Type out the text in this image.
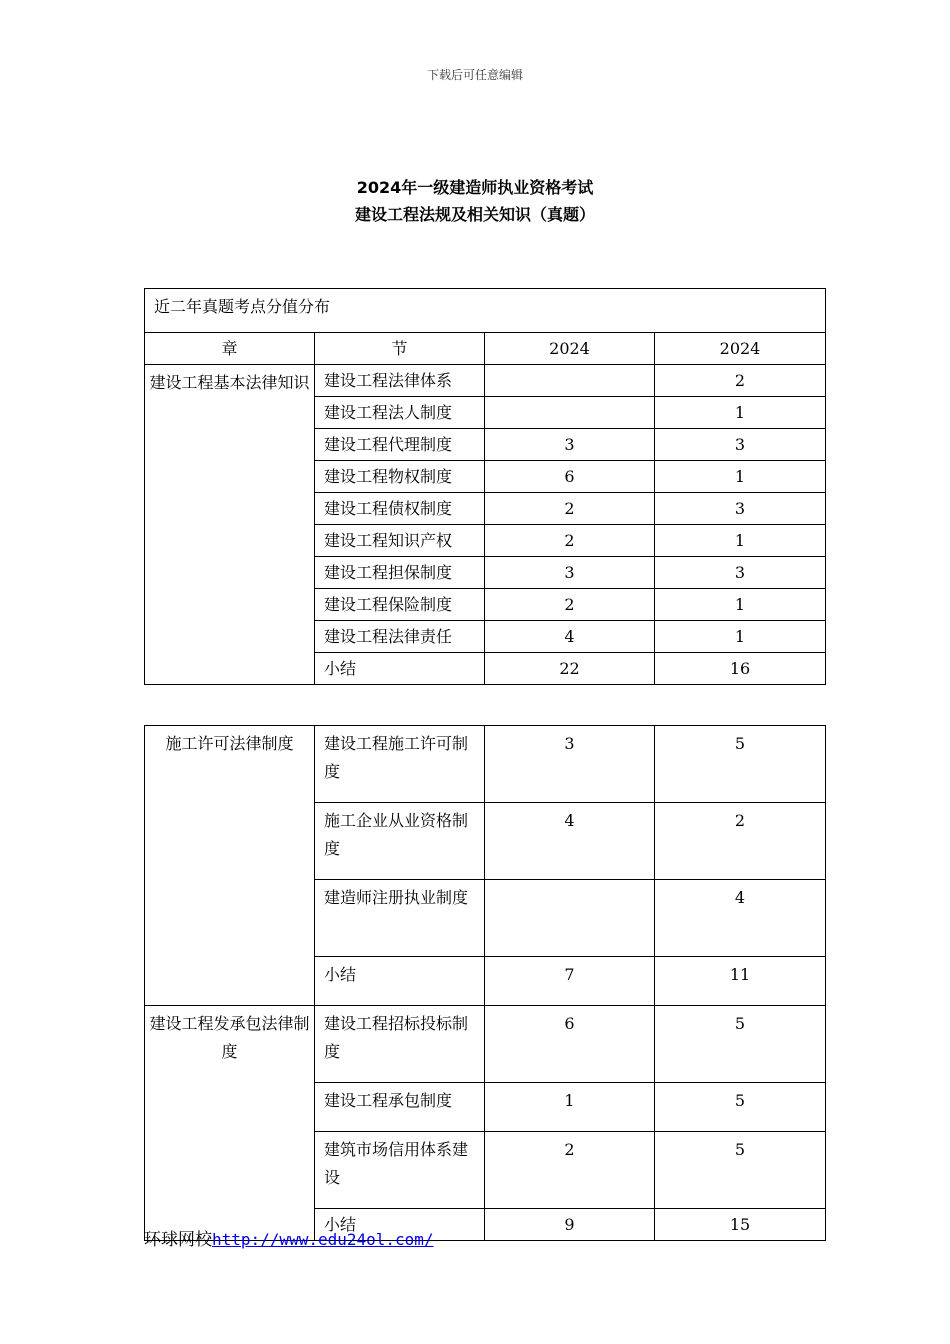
下载后可任意编辑
2024年一级建造师执业资格考试
建设工程法规及相关知识（真题）
近二年真题考点分值分布			

章	节	2024	2024
建设工程基本法律知识	建设工程法律体系		2
	建设工程法人制度		1
	建设工程代理制度	3	3
	建设工程物权制度	6	1
	建设工程债权制度	2	3
	建设工程知识产权	2	1
	建设工程担保制度	3	3
	建设工程保险制度	2	1
	建设工程法律责任	4	1
	小结	22	16
施工许可法律制度	建设工程施工许可制度	3	5
	施工企业从业资格制度	4	2
	建造师注册执业制度		4
	小结	7	11
建设工程发承包法律制度	建设工程招标投标制度	6	5
	建设工程承包制度	1	5
	建筑市场信用体系建设	2	5
	小结	9	15
环球网校http://www.edu24ol.com/
